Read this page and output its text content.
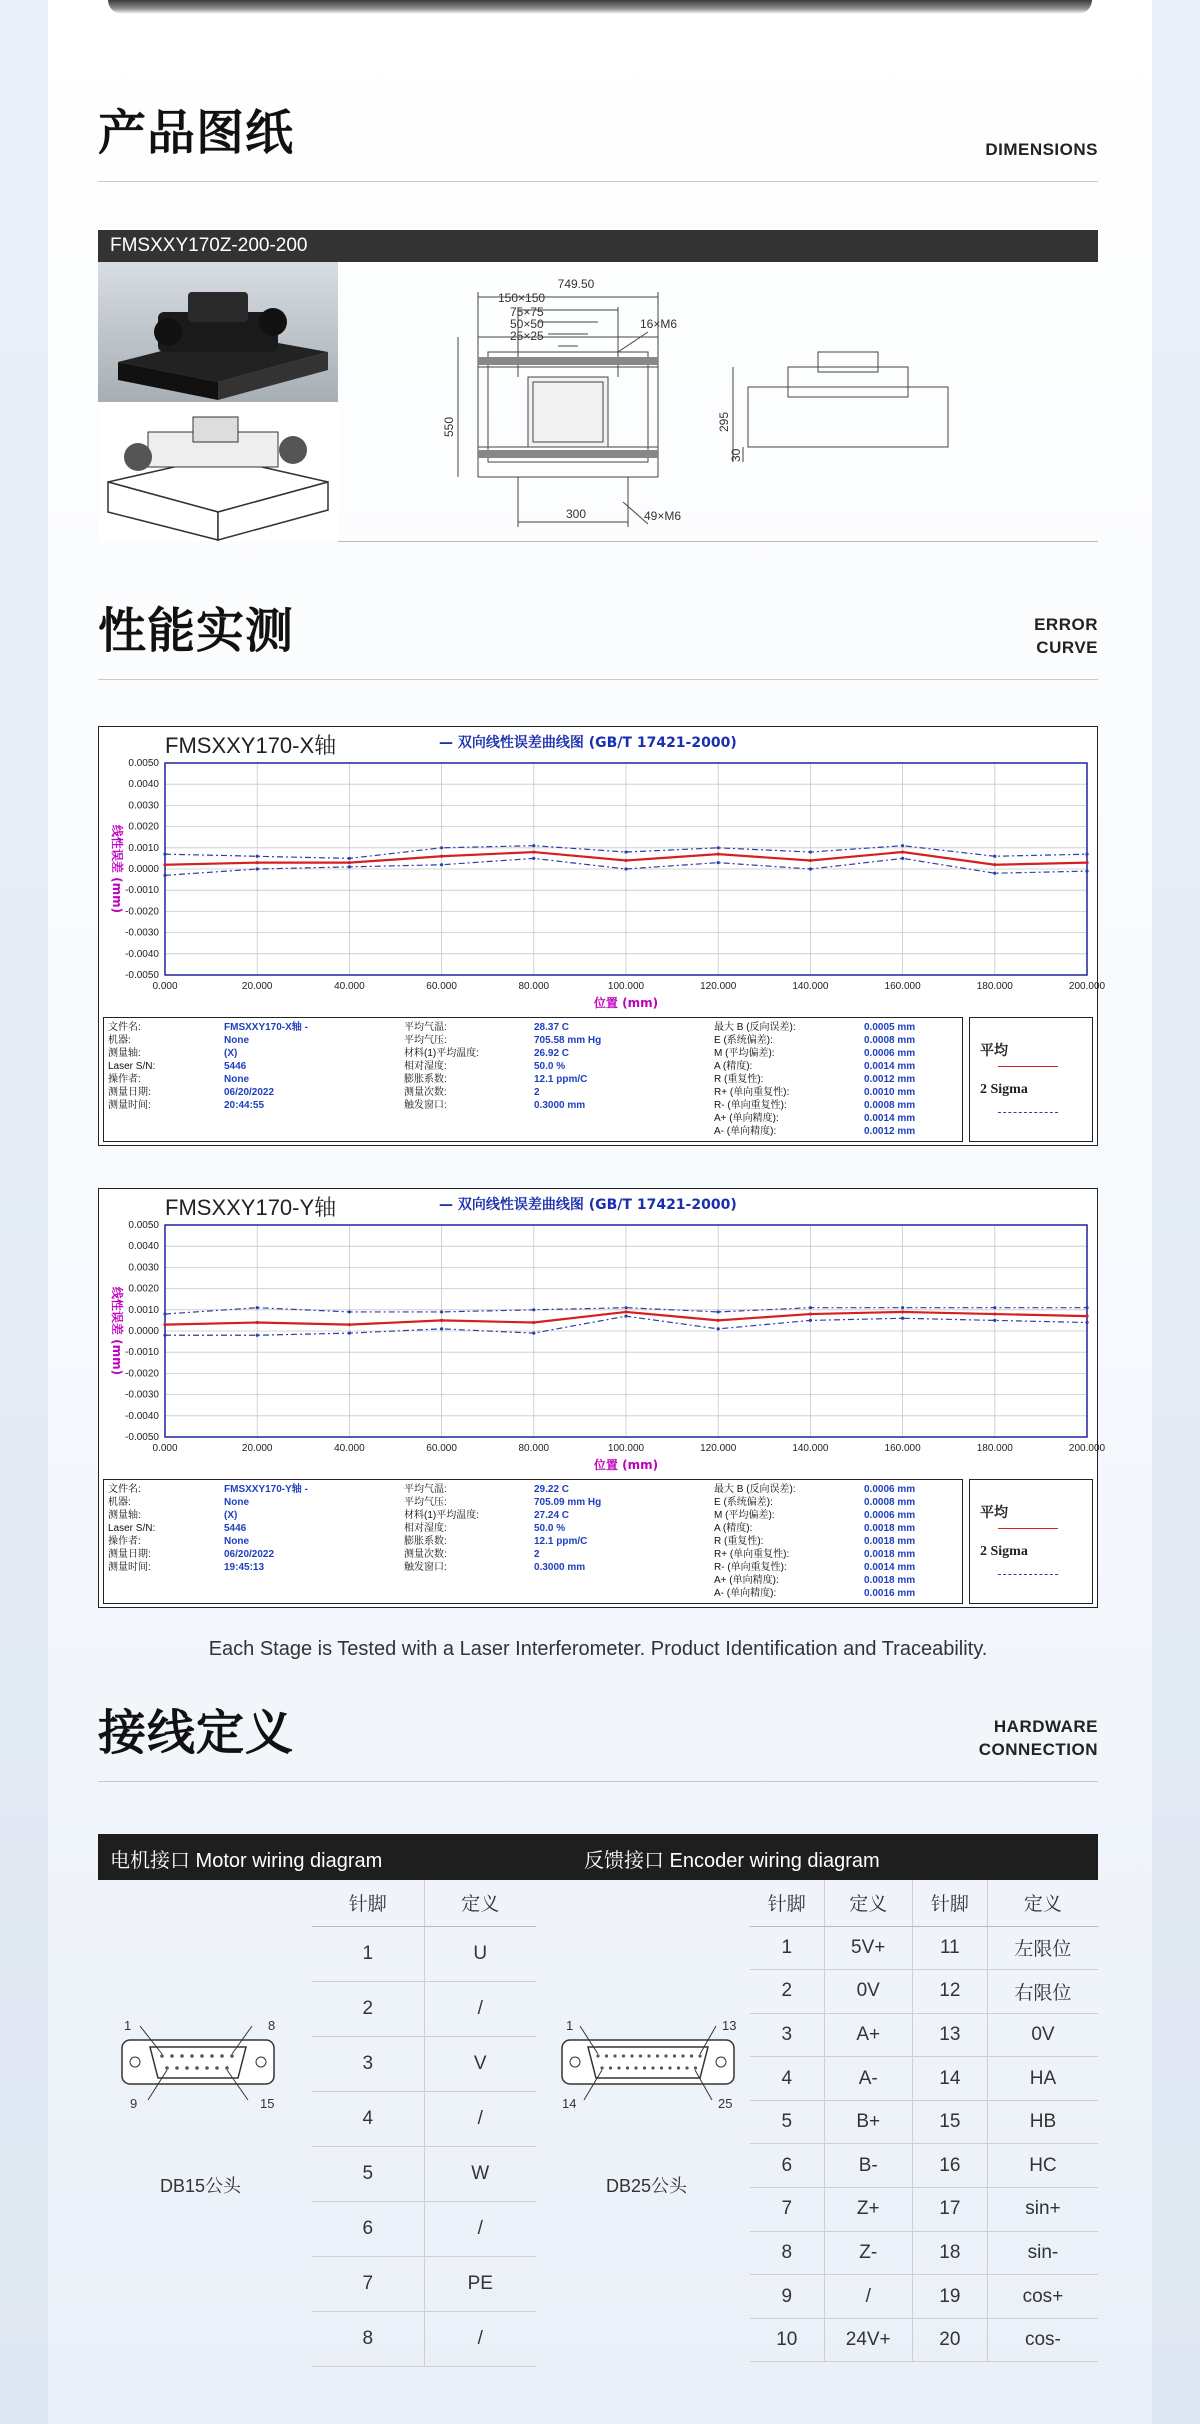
产品图纸	DIMENSIONS
FMSXXY170Z-200-200
749.50
150×150
75×75
50×50
25×25
16×M6
550
300	49×M6
295
30
性能实测	ERROR
CURVE
FMSXXY170-X轴	— 双向线性误差曲线图 (GB/T 17421-2000)
0.0050
0.0040
0.0030
0.0020
0.0010
0.0000
-0.0010
-0.0020
-0.0030
-0.0040
-0.0050
0.000	20.000	40.000	60.000	80.000	100.000	120.000	140.000	160.000	180.000	200.000
位置 (mm)
线性误差 (mm)
文件名:	FMSXXY170-X轴 -
机器:	None
测量轴:	(X)
Laser S/N:	5446
操作者:	None
测量日期:	06/20/2022
测量时间:	20:44:55
平均气温:	28.37 C
平均气压:	705.58 mm Hg
材料(1)平均温度:	26.92 C
相对湿度:	50.0 %
膨胀系数:	12.1 ppm/C
测量次数:	2
触发窗口:	0.3000 mm
最大 B (反向误差):	0.0005 mm
E (系统偏差):	0.0008 mm
M (平均偏差):	0.0006 mm
A (精度):	0.0014 mm
R (重复性):	0.0012 mm
R+ (单向重复性):	0.0010 mm
R- (单向重复性):	0.0008 mm
A+ (单向精度):	0.0014 mm
A- (单向精度):	0.0012 mm
平均
2 Sigma
FMSXXY170-Y轴	— 双向线性误差曲线图 (GB/T 17421-2000)
0.0050
0.0040
0.0030
0.0020
0.0010
0.0000
-0.0010
-0.0020
-0.0030
-0.0040
-0.0050
0.000	20.000	40.000	60.000	80.000	100.000	120.000	140.000	160.000	180.000	200.000
位置 (mm)
线性误差 (mm)
文件名:	FMSXXY170-Y轴 -
机器:	None
测量轴:	(X)
Laser S/N:	5446
操作者:	None
测量日期:	06/20/2022
测量时间:	19:45:13
平均气温:	29.22 C
平均气压:	705.09 mm Hg
材料(1)平均温度:	27.24 C
相对湿度:	50.0 %
膨胀系数:	12.1 ppm/C
测量次数:	2
触发窗口:	0.3000 mm
最大 B (反向误差):	0.0006 mm
E (系统偏差):	0.0008 mm
M (平均偏差):	0.0006 mm
A (精度):	0.0018 mm
R (重复性):	0.0018 mm
R+ (单向重复性):	0.0018 mm
R- (单向重复性):	0.0014 mm
A+ (单向精度):	0.0018 mm
A- (单向精度):	0.0016 mm
平均
2 Sigma
Each Stage is Tested with a Laser Interferometer. Product Identification and Traceability.
接线定义	HARDWARE
CONNECTION
电机接口 Motor wiring diagram	反馈接口 Encoder wiring diagram
1	8
9	15
DB15公头
1	13
14	25
DB25公头
针脚	定义
1	U
2	/
3	V
4	/
5	W
6	/
7	PE
8	/
针脚	定义	针脚	定义
1	5V+	11	左限位
2	0V	12	右限位
3	A+	13	0V
4	A-	14	HA
5	B+	15	HB
6	B-	16	HC
7	Z+	17	sin+
8	Z-	18	sin-
9	/	19	cos+
10	24V+	20	cos-
